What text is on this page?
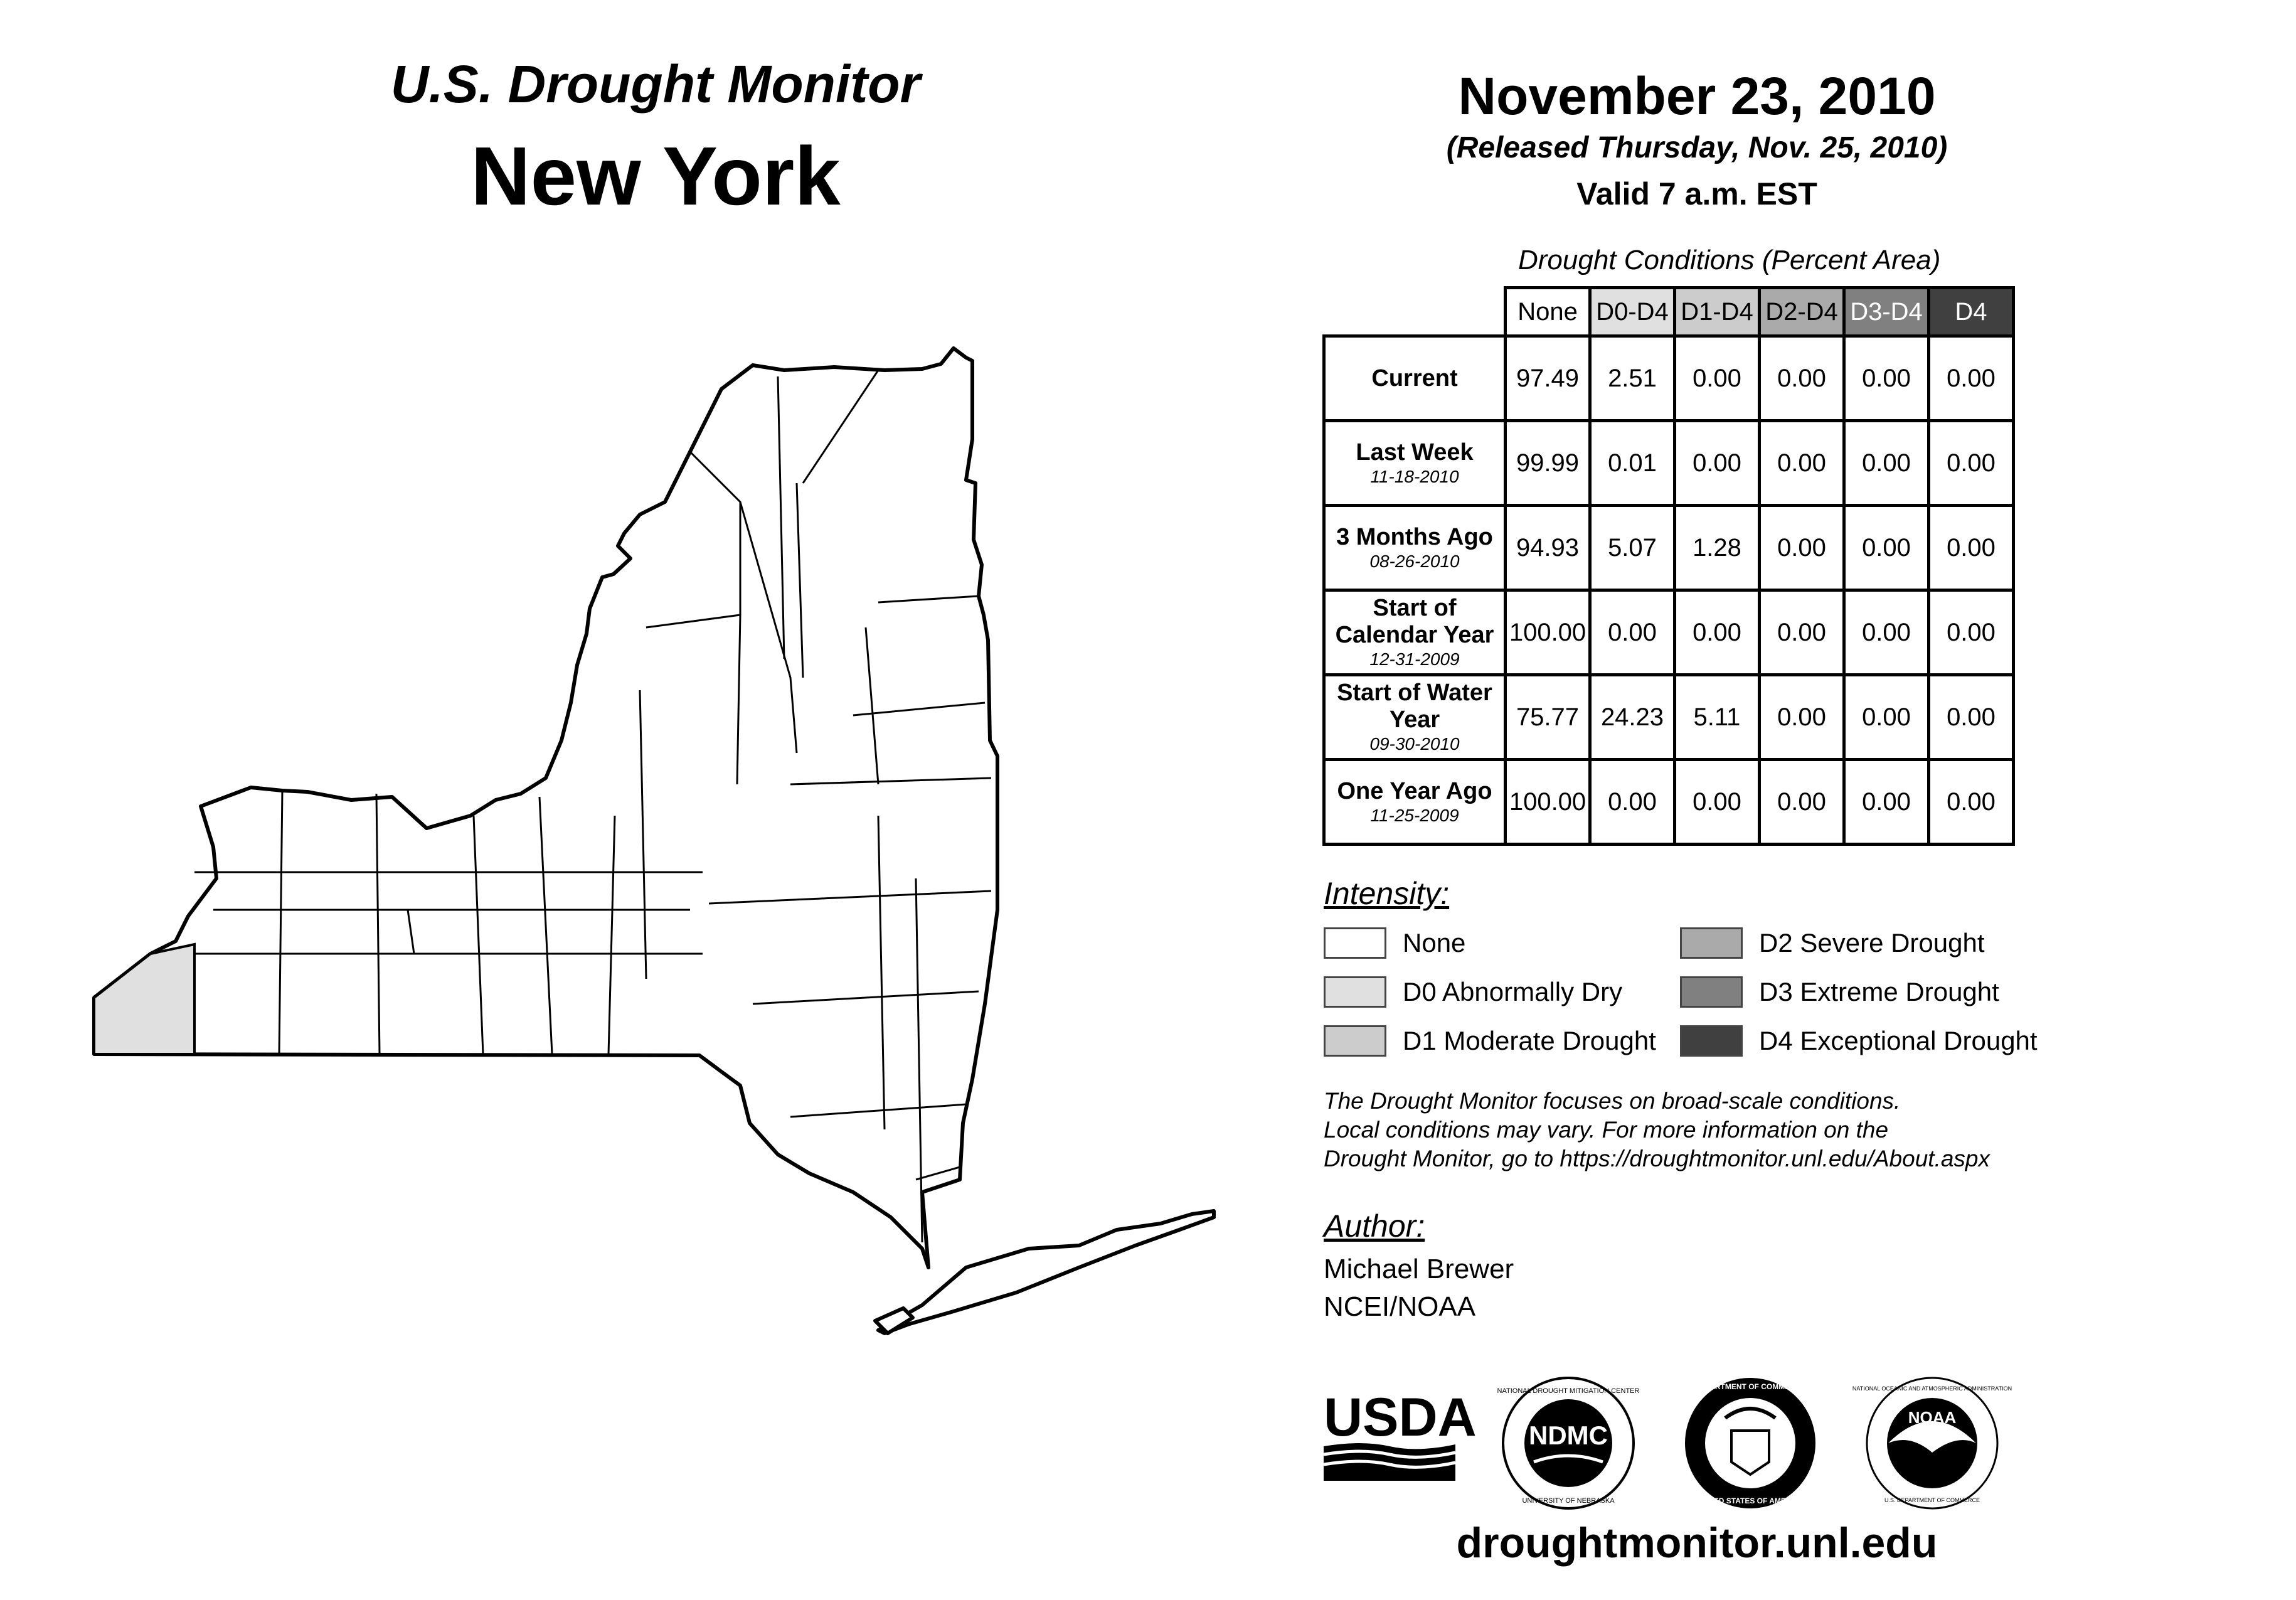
U.S. Drought Monitor
New York
November 23, 2010
(Released Thursday, Nov. 25, 2010)
Valid 7 a.m. EST
Drought Conditions (Percent Area)
	None	D0-D4	D1-D4	D2-D4	D3-D4	D4
Current	97.49	2.51	0.00	0.00	0.00	0.00
Last Week
11-18-2010	99.99	0.01	0.00	0.00	0.00	0.00
3 Months Ago
08-26-2010	94.93	5.07	1.28	0.00	0.00	0.00
Start of Calendar Year
12-31-2009	100.00	0.00	0.00	0.00	0.00	0.00
Start of Water Year
09-30-2010	75.77	24.23	5.11	0.00	0.00	0.00
One Year Ago
11-25-2009	100.00	0.00	0.00	0.00	0.00	0.00
Intensity:
None
D0 Abnormally Dry
D1 Moderate Drought
D2 Severe Drought
D3 Extreme Drought
D4 Exceptional Drought
The Drought Monitor focuses on broad-scale conditions.
Local conditions may vary. For more information on the
Drought Monitor, go to https://droughtmonitor.unl.edu/About.aspx
Author:
Michael Brewer
NCEI/NOAA
USDA NDMC
NATIONAL DROUGHT MITIGATION CENTER
UNIVERSITY OF NEBRASKA
DEPARTMENT OF COMMERCE
UNITED STATES OF AMERICA
NOAA
NATIONAL OCEANIC AND ATMOSPHERIC ADMINISTRATION
U.S. DEPARTMENT OF COMMERCE
droughtmonitor.unl.edu
